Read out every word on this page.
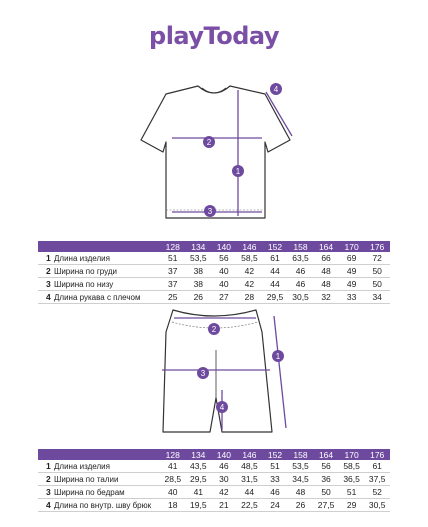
playToday
1
2
3
4
		128	134	140	146	152	158	164	170	176
1	Длина изделия	51	53,5	56	58,5	61	63,5	66	69	72
2	Ширина по груди	37	38	40	42	44	46	48	49	50
3	Ширина по низу	37	38	40	42	44	46	48	49	50
4	Длина рукава с плечом	25	26	27	28	29,5	30,5	32	33	34
1
2
3
4
		128	134	140	146	152	158	164	170	176
1	Длина изделия	41	43,5	46	48,5	51	53,5	56	58,5	61
2	Ширина по талии	28,5	29,5	30	31,5	33	34,5	36	36,5	37,5
3	Ширина по бедрам	40	41	42	44	46	48	50	51	52
4	Длина по внутр. шву брюк	18	19,5	21	22,5	24	26	27,5	29	30,5
